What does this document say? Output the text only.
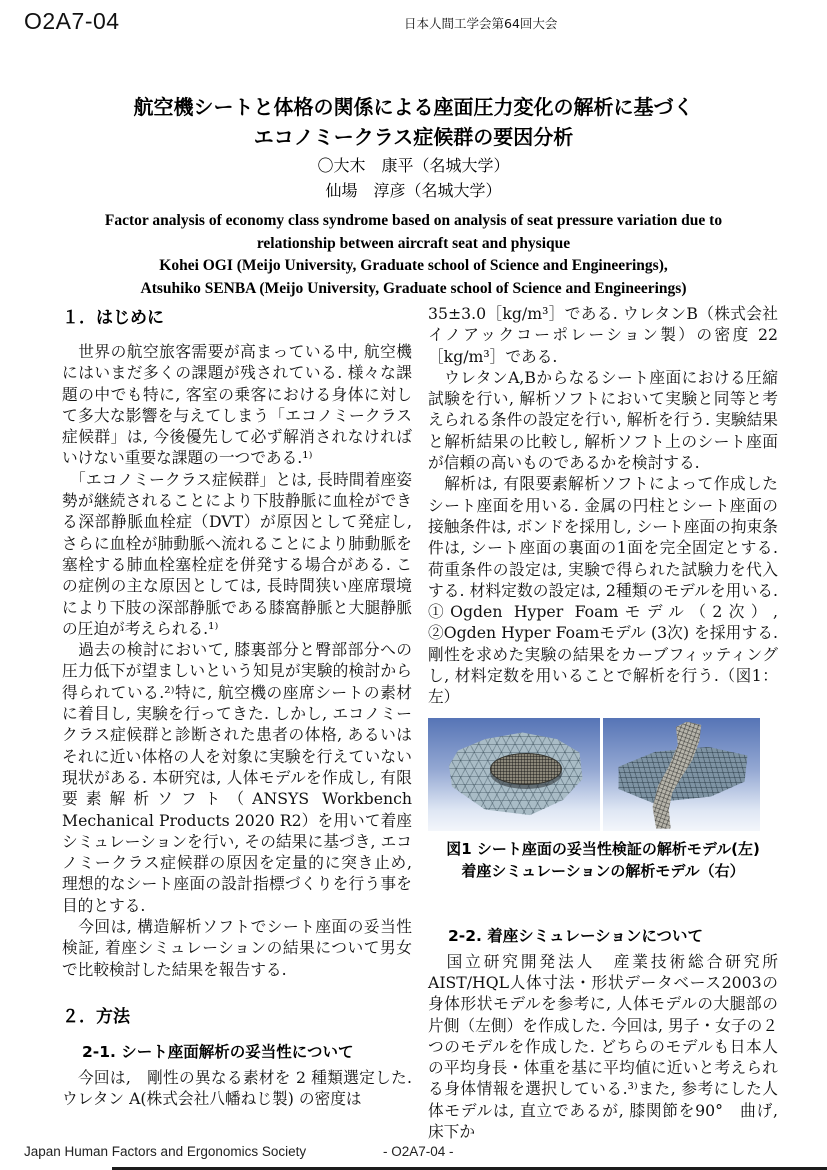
O2A7-04	日本人間工学会第64回大会
航空機シートと体格の関係による座面圧力変化の解析に基づく
エコノミークラス症候群の要因分析
〇大木　康平（名城大学）
仙場　淳彦（名城大学）
Factor analysis of economy class syndrome based on analysis of seat pressure variation due to
relationship between aircraft seat and physique
Kohei OGI (Meijo University, Graduate school of Science and Engineerings),
Atsuhiko SENBA (Meijo University, Graduate school of Science and Engineerings)
１．はじめに

　世界の航空旅客需要が高まっている中, 航空機にはいまだ多くの課題が残されている. 様々な課題の中でも特に, 客室の乗客における身体に対して多大な影響を与えてしまう「エコノミークラス症候群」は, 今後優先して必ず解消されなければいけない重要な課題の一つである.¹⁾

　「エコノミークラス症候群」とは, 長時間着座姿勢が継続されることにより下肢静脈に血栓ができる深部静脈血栓症（DVT）が原因として発症し, さらに血栓が肺動脈へ流れることにより肺動脈を塞栓する肺血栓塞栓症を併発する場合がある. この症例の主な原因としては, 長時間狭い座席環境により下肢の深部静脈である膝窩静脈と大腿静脈の圧迫が考えられる.¹⁾

　過去の検討において, 膝裏部分と臀部部分への圧力低下が望ましいという知見が実験的検討から得られている.²⁾特に, 航空機の座席シートの素材に着目し, 実験を行ってきた. しかし, エコノミークラス症候群と診断された患者の体格, あるいはそれに近い体格の人を対象に実験を行えていない現状がある. 本研究は, 人体モデルを作成し, 有限要素解析ソフト（ANSYS Workbench Mechanical Products 2020 R2）を用いて着座シミュレーションを行い, その結果に基づき, エコノミークラス症候群の原因を定量的に突き止め, 理想的なシート座面の設計指標づくりを行う事を目的とする.

　今回は, 構造解析ソフトでシート座面の妥当性検証, 着座シミュレーションの結果について男女で比較検討した結果を報告する.

２．方法
2-1. シート座面解析の妥当性について

　今回は,　剛性の異なる素材を 2 種類選定した. ウレタン A(株式会社八幡ねじ製) の密度は

35±3.0［kg/m³］である. ウレタンB（株式会社イノアックコーポレーション製）の密度 22［kg/m³］である.

　ウレタンA,Bからなるシート座面における圧縮試験を行い, 解析ソフトにおいて実験と同等と考えられる条件の設定を行い, 解析を行う. 実験結果と解析結果の比較し, 解析ソフト上のシート座面が信頼の高いものであるかを検討する.

　解析は, 有限要素解析ソフトによって作成したシート座面を用いる. 金属の円柱とシート座面の接触条件は, ボンドを採用し, シート座面の拘束条件は, シート座面の裏面の1面を完全固定とする. 荷重条件の設定は, 実験で得られた試験力を代入する. 材料定数の設定は, 2種類のモデルを用いる. ①Ogden Hyper Foamモデル（2次）, ②Ogden Hyper Foamモデル (3次) を採用する. 剛性を求めた実験の結果をカーブフィッティングし, 材料定数を用いることで解析を行う.（図1：左）

図1 シート座面の妥当性検証の解析モデル(左)
着座シミュレーションの解析モデル（右）
2-2. 着座シミュレーションについて

　国立研究開発法人　産業技術総合研究所AIST/HQL人体寸法・形状データベース2003の身体形状モデルを参考に, 人体モデルの大腿部の片側（左側）を作成した. 今回は, 男子・女子の２つのモデルを作成した. どちらのモデルも日本人の平均身長・体重を基に平均値に近いと考えられる身体情報を選択している.³⁾また, 参考にした人体モデルは, 直立であるが, 膝関節を90°　曲げ, 床下か

Japan Human Factors and Ergonomics Society	- O2A7-04 -
